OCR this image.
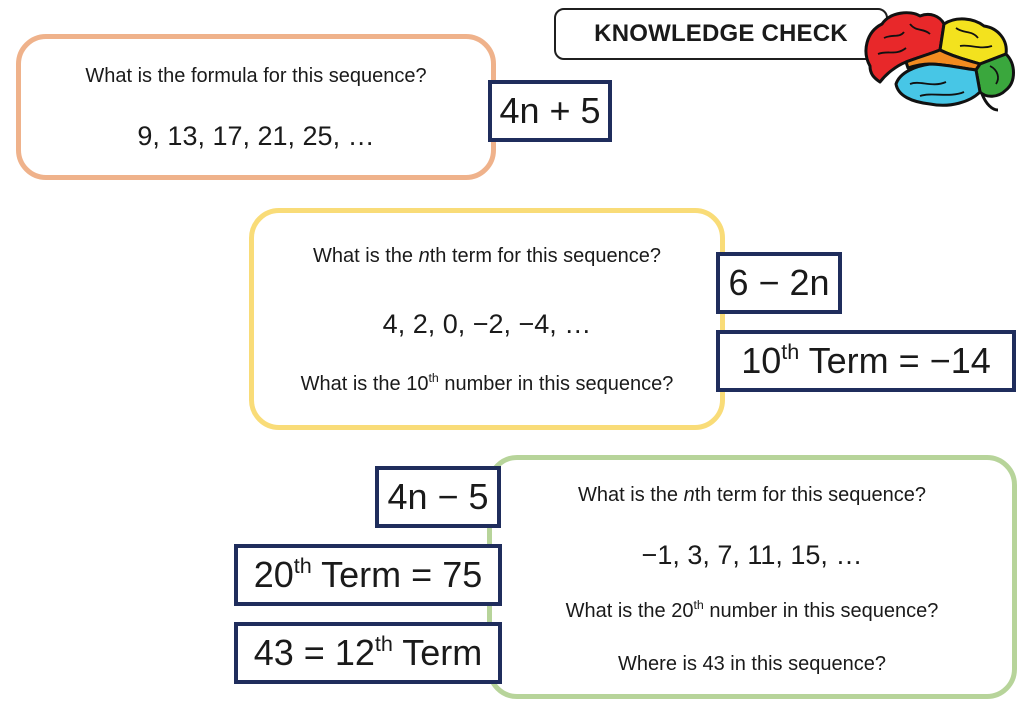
KNOWLEDGE CHECK
What is the formula for this sequence?
9, 13, 17, 21, 25, …
4n + 5
What is the nth term for this sequence?
4, 2, 0, −2, −4, …
What is the 10th number in this sequence?
6 − 2n
10th Term = −14
What is the nth term for this sequence?
−1, 3, 7, 11, 15, …
What is the 20th number in this sequence?
Where is 43 in this sequence?
4n − 5
20th Term = 75
43 = 12th Term
